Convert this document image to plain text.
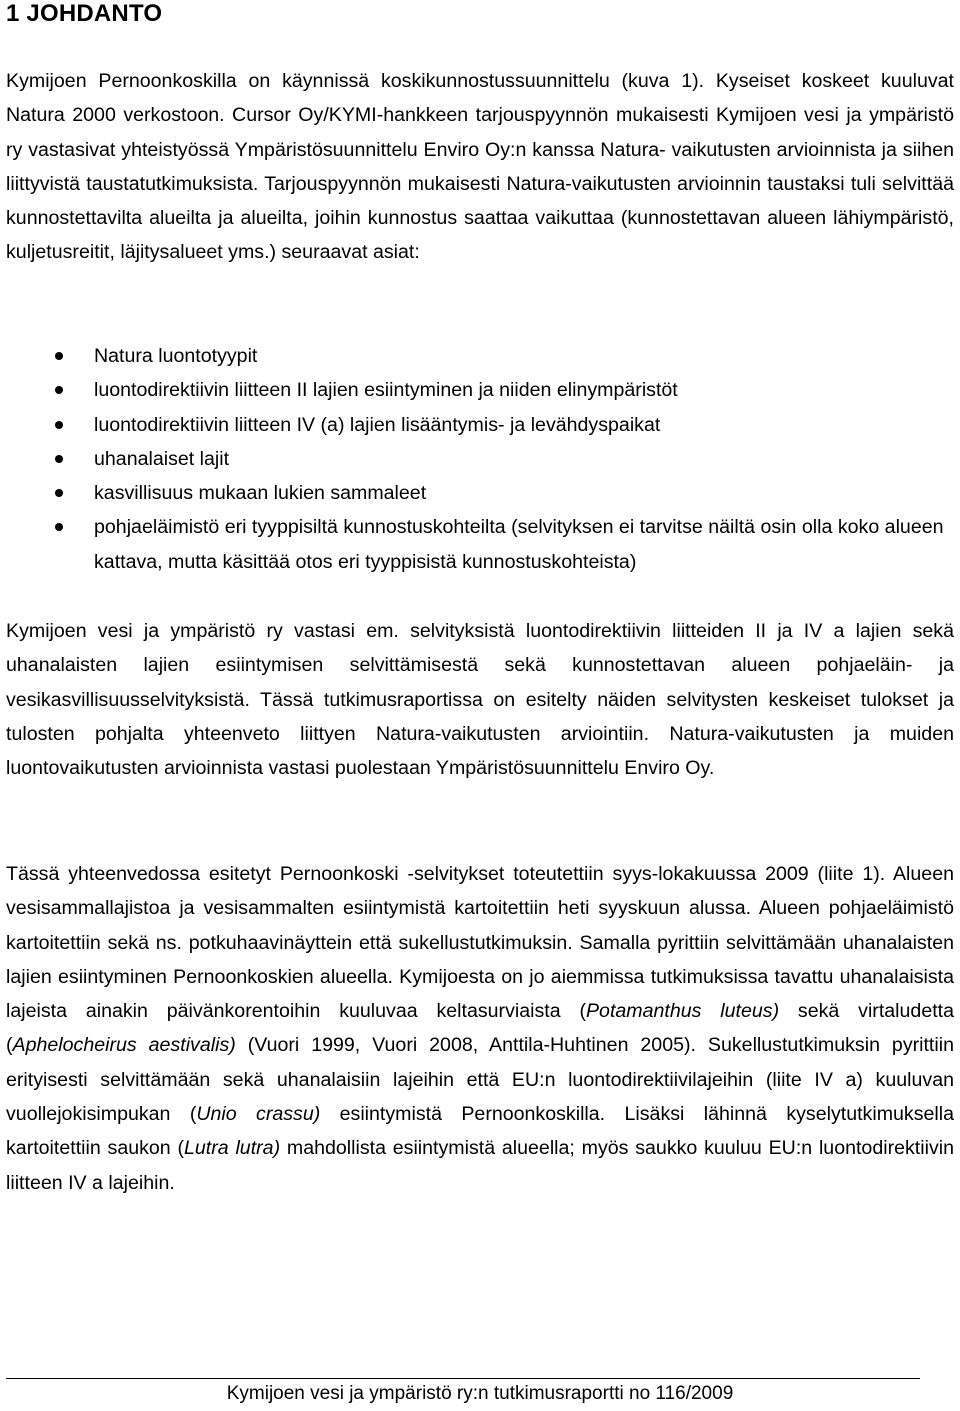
1 JOHDANTO

Kymijoen Pernoonkoskilla on käynnissä koskikunnostussuunnittelu (kuva 1). Kyseiset koskeet kuuluvat Natura 2000 verkostoon. Cursor Oy/KYMI-hankkeen tarjouspyynnön mukaisesti Kymijoen vesi ja ympäristö ry vastasivat yhteistyössä Ympäristösuunnittelu Enviro Oy:n kanssa Natura- vaikutusten arvioinnista ja siihen liittyvistä taustatutkimuksista. Tarjouspyynnön mukaisesti Natura-vaikutusten arvioinnin taustaksi tuli selvittää kunnostettavilta alueilta ja alueilta, joihin kunnostus saattaa vaikuttaa (kunnostettavan alueen lähiympäristö, kuljetusreitit, läjitysalueet yms.) seuraavat asiat:

Natura luontotyypit
luontodirektiivin liitteen II lajien esiintyminen ja niiden elinympäristöt
luontodirektiivin liitteen IV (a) lajien lisääntymis- ja levähdyspaikat
uhanalaiset lajit
kasvillisuus mukaan lukien sammaleet
pohjaeläimistö eri tyyppisiltä kunnostuskohteilta (selvityksen ei tarvitse näiltä osin olla koko alueen kattava, mutta käsittää otos eri tyyppisistä kunnostuskohteista)

Kymijoen vesi ja ympäristö ry vastasi em. selvityksistä luontodirektiivin liitteiden II ja IV a lajien sekä uhanalaisten lajien esiintymisen selvittämisestä sekä kunnostettavan alueen pohjaeläin- ja vesikasvillisuusselvityksistä. Tässä tutkimusraportissa on esitelty näiden selvitysten keskeiset tulokset ja tulosten pohjalta yhteenveto liittyen Natura-vaikutusten arviointiin. Natura-vaikutusten ja muiden luontovaikutusten arvioinnista vastasi puolestaan Ympäristösuunnittelu Enviro Oy.

Tässä yhteenvedossa esitetyt Pernoonkoski -selvitykset toteutettiin syys-lokakuussa 2009 (liite 1). Alueen vesisammallajistoa ja vesisammalten esiintymistä kartoitettiin heti syyskuun alussa. Alueen pohjaeläimistö kartoitettiin sekä ns. potkuhaavinäyttein että sukellustutkimuksin. Samalla pyrittiin selvittämään uhanalaisten lajien esiintyminen Pernoonkoskien alueella. Kymijoesta on jo aiemmissa tutkimuksissa tavattu uhanalaisista lajeista ainakin päivänkorentoihin kuuluvaa keltasurviaista (Potamanthus luteus) sekä virtaludetta (Aphelocheirus aestivalis) (Vuori 1999, Vuori 2008, Anttila-Huhtinen 2005). Sukellustutkimuksin pyrittiin erityisesti selvittämään sekä uhanalaisiin lajeihin että EU:n luontodirektiivilajeihin (liite IV a) kuuluvan vuollejokisimpukan (Unio crassu) esiintymistä Pernoonkoskilla. Lisäksi lähinnä kyselytutkimuksella kartoitettiin saukon (Lutra lutra) mahdollista esiintymistä alueella; myös saukko kuuluu EU:n luontodirektiivin liitteen IV a lajeihin.

Kymijoen vesi ja ympäristö ry:n tutkimusraportti no 116/2009
